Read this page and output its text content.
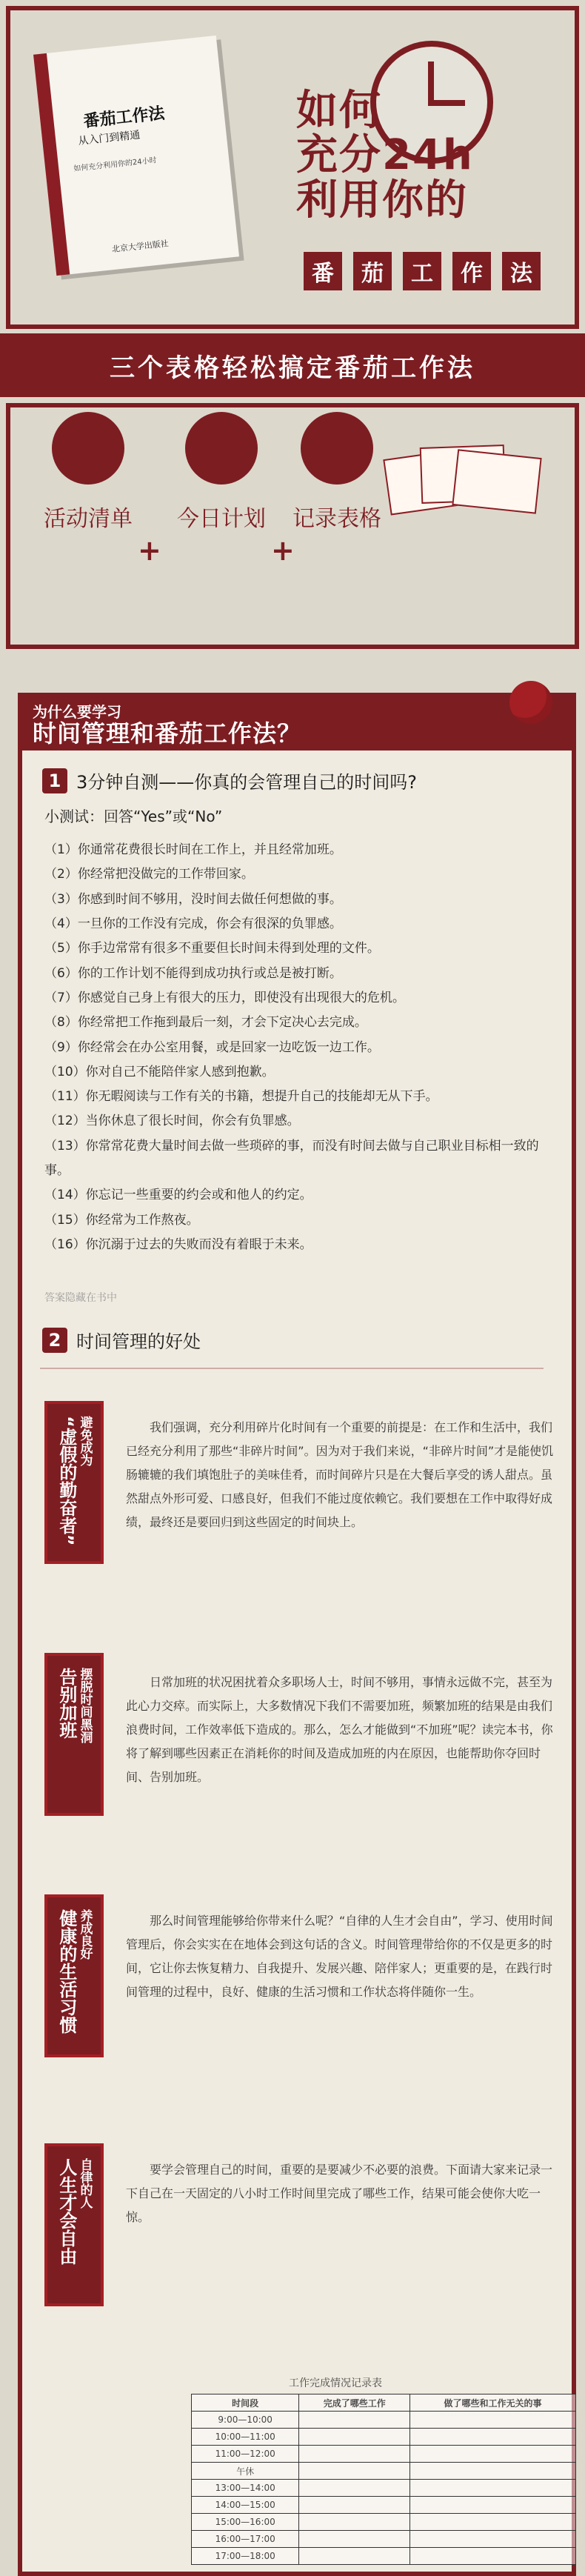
番茄工作法
从入门到精通
如何充分利用你的24小时
北京大学出版社
如何
充分24h
利用你的
番	茄	工	作	法
三个表格轻松搞定番茄工作法
活动清单
+
今日计划
+
记录表格
为什么要学习
时间管理和番茄工作法？
1 3分钟自测——你真的会管理自己的时间吗?
小测试：回答“Yes”或“No”
（1）你通常花费很长时间在工作上，并且经常加班。
（2）你经常把没做完的工作带回家。
（3）你感到时间不够用，没时间去做任何想做的事。
（4）一旦你的工作没有完成，你会有很深的负罪感。
（5）你手边常常有很多不重要但长时间未得到处理的文件。
（6）你的工作计划不能得到成功执行或总是被打断。
（7）你感觉自己身上有很大的压力，即使没有出现很大的危机。
（8）你经常把工作拖到最后一刻，才会下定决心去完成。
（9）你经常会在办公室用餐，或是回家一边吃饭一边工作。
（10）你对自己不能陪伴家人感到抱歉。
（11）你无暇阅读与工作有关的书籍，想提升自己的技能却无从下手。
（12）当你休息了很长时间，你会有负罪感。
（13）你常常花费大量时间去做一些琐碎的事，而没有时间去做与自己职业目标相一致的事。
（14）你忘记一些重要的约会或和他人的约定。
（15）你经常为工作熬夜。
（16）你沉溺于过去的失败而没有着眼于未来。
答案隐藏在书中
2 时间管理的好处
避免成为
“虚假的勤奋者”	我们强调，充分利用碎片化时间有一个重要的前提是：在工作和生活中，我们已经充分利用了那些“非碎片时间”。因为对于我们来说，“非碎片时间”才是能使饥肠辘辘的我们填饱肚子的美味佳肴，而时间碎片只是在大餐后享受的诱人甜点。虽然甜点外形可爱、口感良好，但我们不能过度依赖它。我们要想在工作中取得好成绩，最终还是要回归到这些固定的时间块上。
摆脱时间黑洞
告别加班	日常加班的状况困扰着众多职场人士，时间不够用，事情永远做不完，甚至为此心力交瘁。而实际上，大多数情况下我们不需要加班，频繁加班的结果是由我们浪费时间，工作效率低下造成的。那么，怎么才能做到“不加班”呢？读完本书，你将了解到哪些因素正在消耗你的时间及造成加班的内在原因，也能帮助你夺回时间、告别加班。
养成良好
健康的生活习惯	那么时间管理能够给你带来什么呢？“自律的人生才会自由”，学习、使用时间管理后，你会实实在在地体会到这句话的含义。时间管理带给你的不仅是更多的时间，它让你去恢复精力、自我提升、发展兴趣、陪伴家人；更重要的是，在践行时间管理的过程中，良好、健康的生活习惯和工作状态将伴随你一生。
自律的人
人生才会自由	要学会管理自己的时间，重要的是要减少不必要的浪费。下面请大家来记录一下自己在一天固定的八小时工作时间里完成了哪些工作，结果可能会使你大吃一惊。
工作完成情况记录表
时间段	完成了哪些工作	做了哪些和工作无关的事
9:00—10:00		
10:00—11:00		
11:00—12:00		
午休		
13:00—14:00		
14:00—15:00		
15:00—16:00		
16:00—17:00		
17:00—18:00		
